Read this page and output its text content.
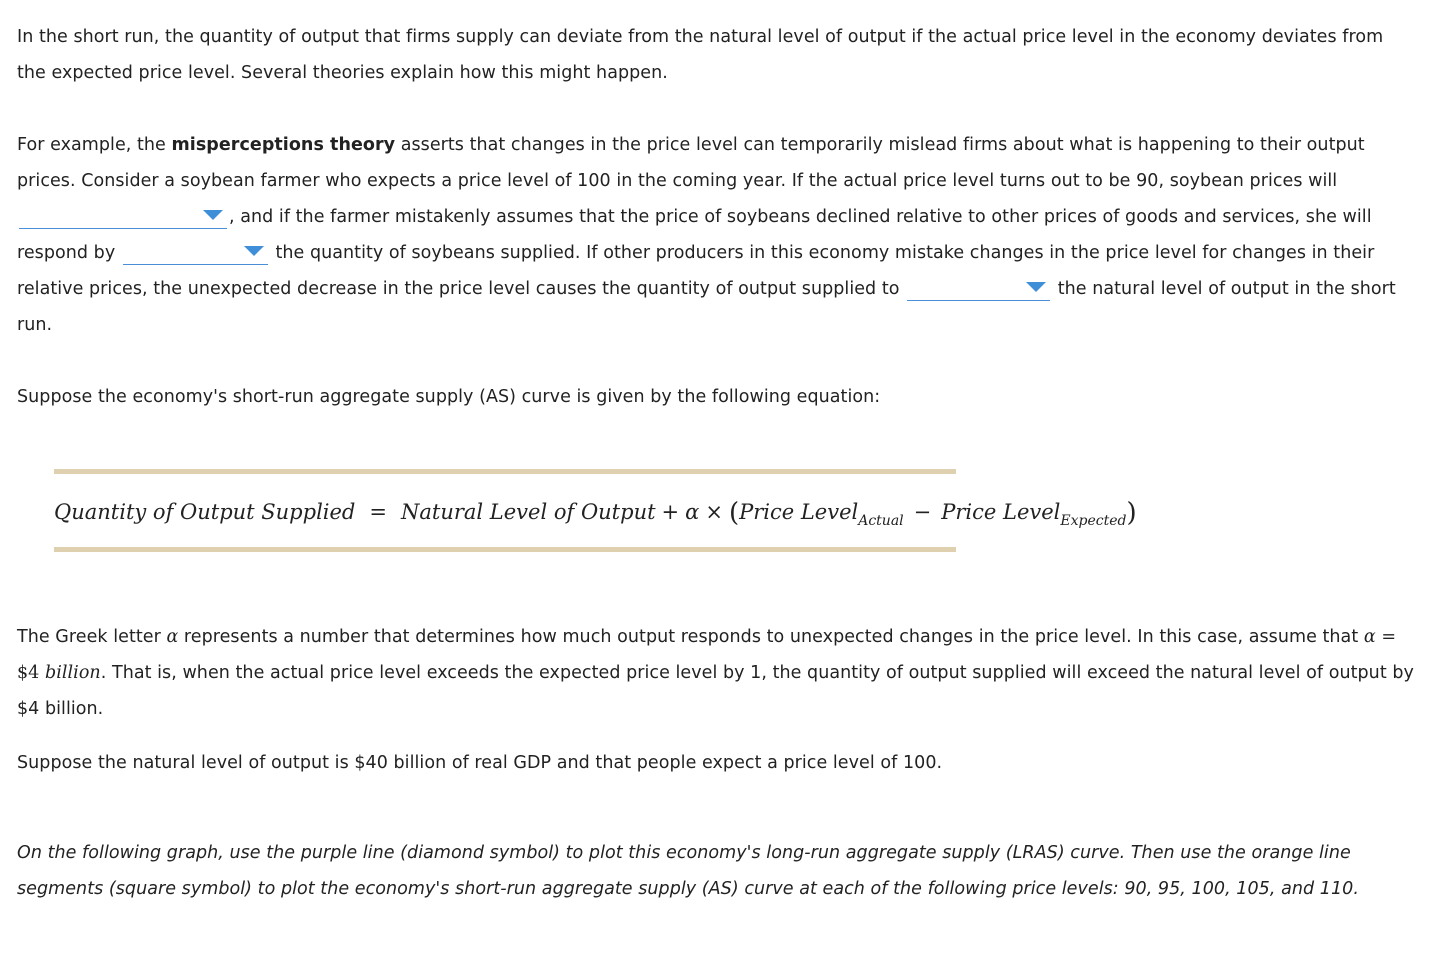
In the short run, the quantity of output that firms supply can deviate from the natural level of output if the actual price level in the economy deviates from the expected price level. Several theories explain how this might happen.

For example, the misperceptions theory asserts that changes in the price level can temporarily mislead firms about what is happening to their output prices. Consider a soybean farmer who expects a price level of 100 in the coming year. If the actual price level turns out to be 90, soybean prices will
, and if the farmer mistakenly assumes that the price of soybeans declined relative to other prices of goods and services, she will respond by	the quantity of soybeans supplied. If other producers in this economy mistake changes in the price level for changes in their relative prices, the unexpected decrease in the price level causes the quantity of output supplied to	the natural level of output in the short run.

Suppose the economy's short-run aggregate supply (AS) curve is given by the following equation:

Quantity of Output Supplied = Natural Level of Output + α × (Price Level$_{Actual}$ − Price Level$_{Expected}$)

The Greek letter α represents a number that determines how much output responds to unexpected changes in the price level. In this case, assume that α = $4 billion. That is, when the actual price level exceeds the expected price level by 1, the quantity of output supplied will exceed the natural level of output by $4 billion.

Suppose the natural level of output is $40 billion of real GDP and that people expect a price level of 100.

On the following graph, use the purple line (diamond symbol) to plot this economy's long-run aggregate supply (LRAS) curve. Then use the orange line segments (square symbol) to plot the economy's short-run aggregate supply (AS) curve at each of the following price levels: 90, 95, 100, 105, and 110.
